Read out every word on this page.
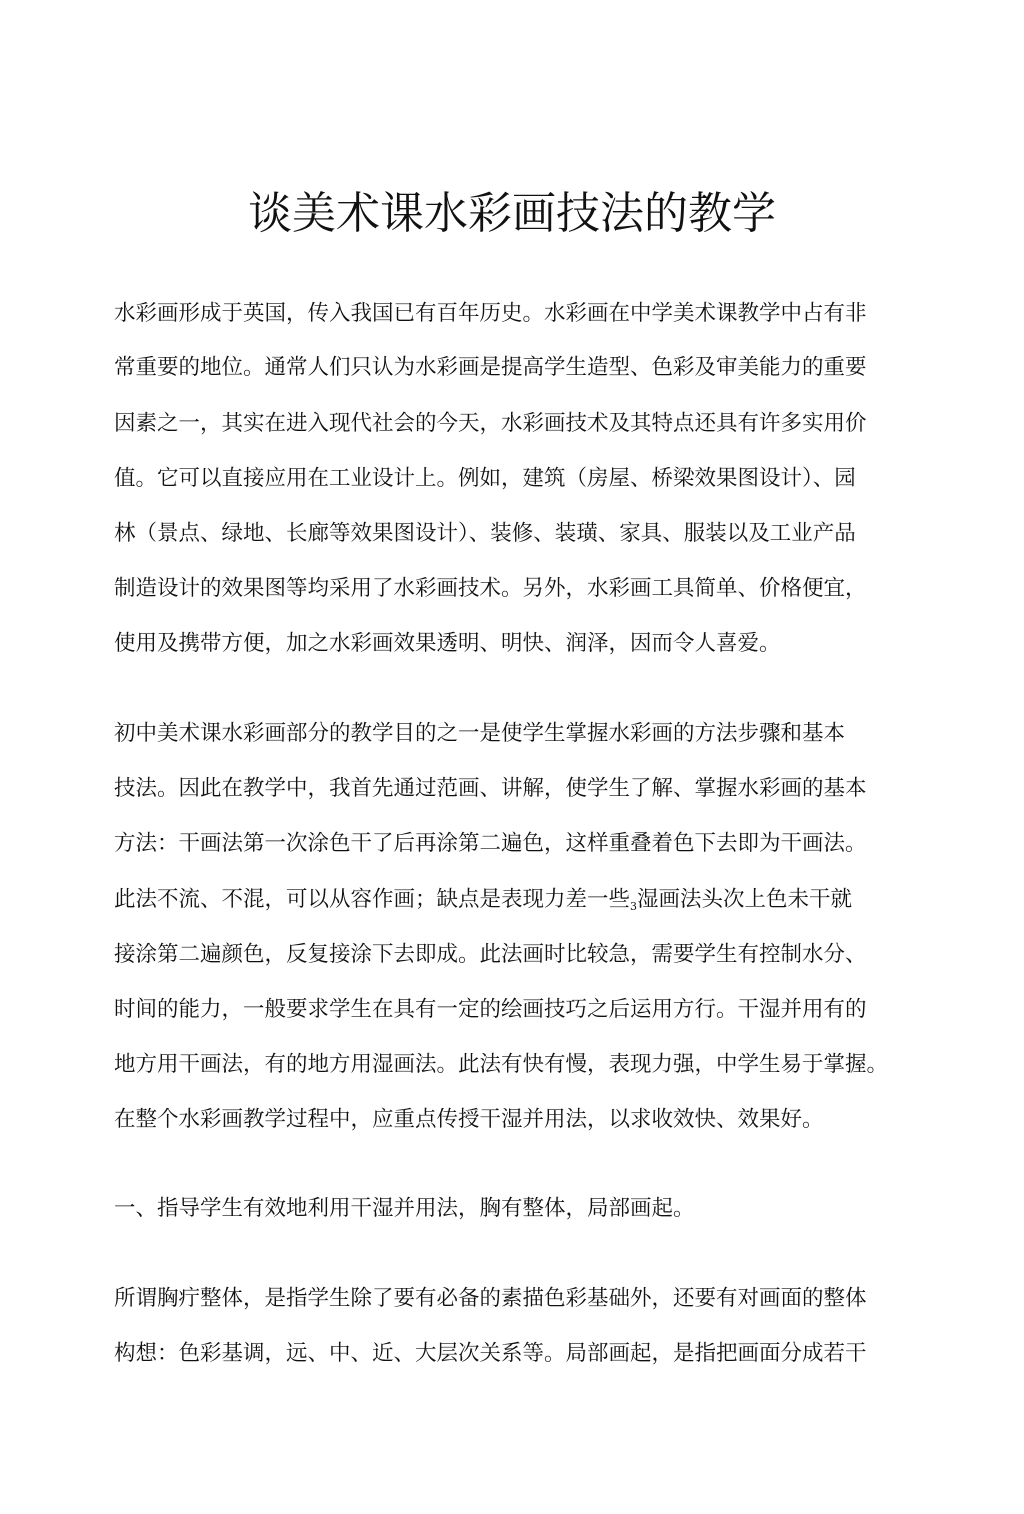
谈美术课水彩画技法的教学
水彩画形成于英国，传入我国已有百年历史。水彩画在中学美术课教学中占有非
常重要的地位。通常人们只认为水彩画是提高学生造型、色彩及审美能力的重要
因素之一，其实在进入现代社会的今天，水彩画技术及其特点还具有许多实用价
值。它可以直接应用在工业设计上。例如，建筑（房屋、桥梁效果图设计）、园
林（景点、绿地、长廊等效果图设计）、装修、装璜、家具、服装以及工业产品
制造设计的效果图等均采用了水彩画技术。另外，水彩画工具简单、价格便宜，
使用及携带方便，加之水彩画效果透明、明快、润泽，因而令人喜爱。
初中美术课水彩画部分的教学目的之一是使学生掌握水彩画的方法步骤和基本
技法。因此在教学中，我首先通过范画、讲解，使学生了解、掌握水彩画的基本
方法：干画法第一次涂色干了后再涂第二遍色，这样重叠着色下去即为干画法。
此法不流、不混，可以从容作画；缺点是表现力差一些$_3$湿画法头次上色未干就
接涂第二遍颜色，反复接涂下去即成。此法画时比较急，需要学生有控制水分、
时间的能力，一般要求学生在具有一定的绘画技巧之后运用方行。干湿并用有的
地方用干画法，有的地方用湿画法。此法有快有慢，表现力强，中学生易于掌握。
在整个水彩画教学过程中，应重点传授干湿并用法，以求收效快、效果好。
一、指导学生有效地利用干湿并用法，胸有整体，局部画起。
所谓胸疔整体，是指学生除了要有必备的素描色彩基础外，还要有对画面的整体
构想：色彩基调，远、中、近、大层次关系等。局部画起，是指把画面分成若干
